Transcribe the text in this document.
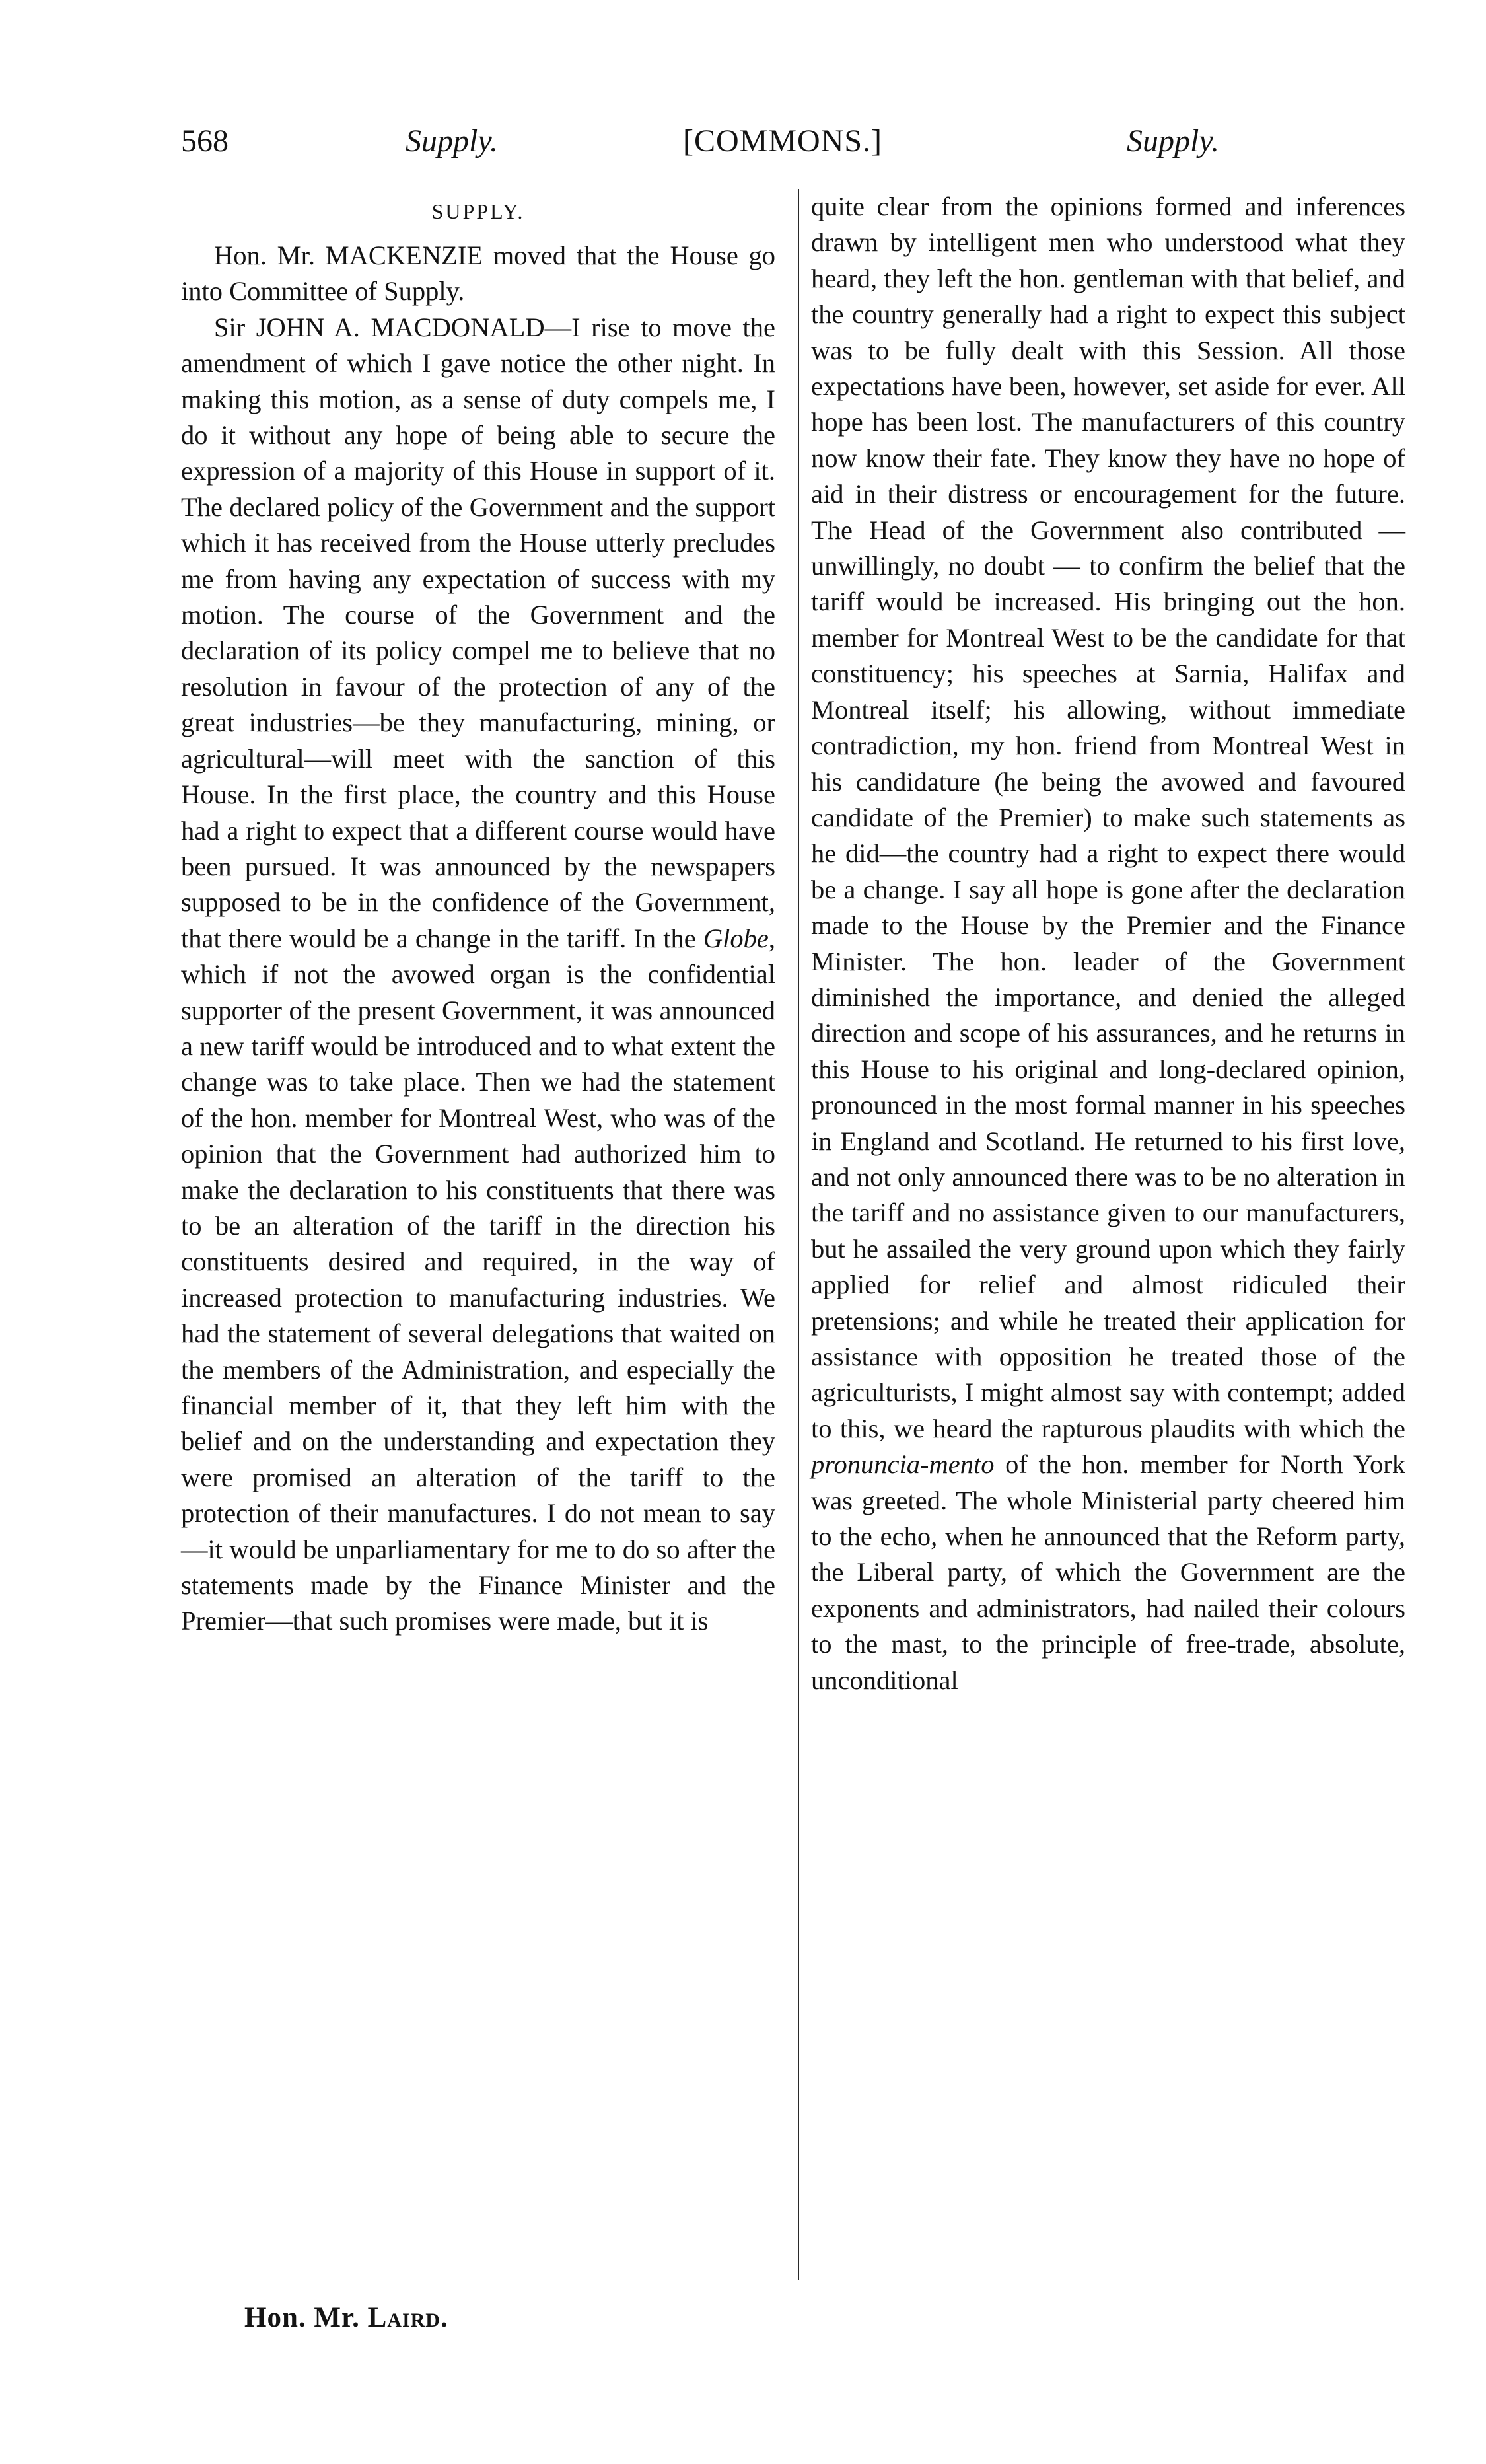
568	Supply.	[COMMONS.]	Supply.
SUPPLY.

Hon. Mr. MACKENZIE moved that the House go into Committee of Supply.

Sir JOHN A. MACDONALD—I rise to move the amendment of which I gave notice the other night. In making this motion, as a sense of duty compels me, I do it without any hope of being able to secure the expression of a majority of this House in support of it. The declared policy of the Government and the support which it has received from the House utterly precludes me from having any expectation of success with my motion. The course of the Government and the declaration of its policy compel me to believe that no resolution in favour of the protection of any of the great industries—be they manufacturing, mining, or agricultural—will meet with the sanction of this House. In the first place, the country and this House had a right to expect that a different course would have been pursued. It was announced by the newspapers supposed to be in the confidence of the Government, that there would be a change in the tariff. In the Globe, which if not the avowed organ is the confidential supporter of the present Government, it was announced a new tariff would be introduced and to what extent the change was to take place. Then we had the statement of the hon. member for Montreal West, who was of the opinion that the Government had authorized him to make the declaration to his constituents that there was to be an alteration of the tariff in the direction his constituents desired and required, in the way of increased protection to manufacturing industries. We had the statement of several delegations that waited on the members of the Administration, and especially the financial member of it, that they left him with the belief and on the understanding and expectation they were promised an alteration of the tariff to the protection of their manufactures. I do not mean to say—it would be unparliamentary for me to do so after the statements made by the Finance Minister and the Premier—that such promises were made, but it is

quite clear from the opinions formed and inferences drawn by intelligent men who understood what they heard, they left the hon. gentleman with that belief, and the country generally had a right to expect this subject was to be fully dealt with this Session. All those expectations have been, however, set aside for ever. All hope has been lost. The manufacturers of this country now know their fate. They know they have no hope of aid in their distress or encouragement for the future. The Head of the Government also contributed — unwillingly, no doubt — to confirm the belief that the tariff would be increased. His bringing out the hon. member for Montreal West to be the candidate for that constituency; his speeches at Sarnia, Halifax and Montreal itself; his allowing, without immediate contradiction, my hon. friend from Montreal West in his candidature (he being the avowed and favoured candidate of the Premier) to make such statements as he did—the country had a right to expect there would be a change. I say all hope is gone after the declaration made to the House by the Premier and the Finance Minister. The hon. leader of the Government diminished the importance, and denied the alleged direction and scope of his assurances, and he returns in this House to his original and long-declared opinion, pronounced in the most formal manner in his speeches in England and Scotland. He returned to his first love, and not only announced there was to be no alteration in the tariff and no assistance given to our manufacturers, but he assailed the very ground upon which they fairly applied for relief and almost ridiculed their pretensions; and while he treated their application for assistance with opposition he treated those of the agriculturists, I might almost say with contempt; added to this, we heard the rapturous plaudits with which the pronuncia-mento of the hon. member for North York was greeted. The whole Ministerial party cheered him to the echo, when he announced that the Reform party, the Liberal party, of which the Government are the exponents and administrators, had nailed their colours to the mast, to the principle of free-trade, absolute, unconditional

Hon. Mr. Laird.
